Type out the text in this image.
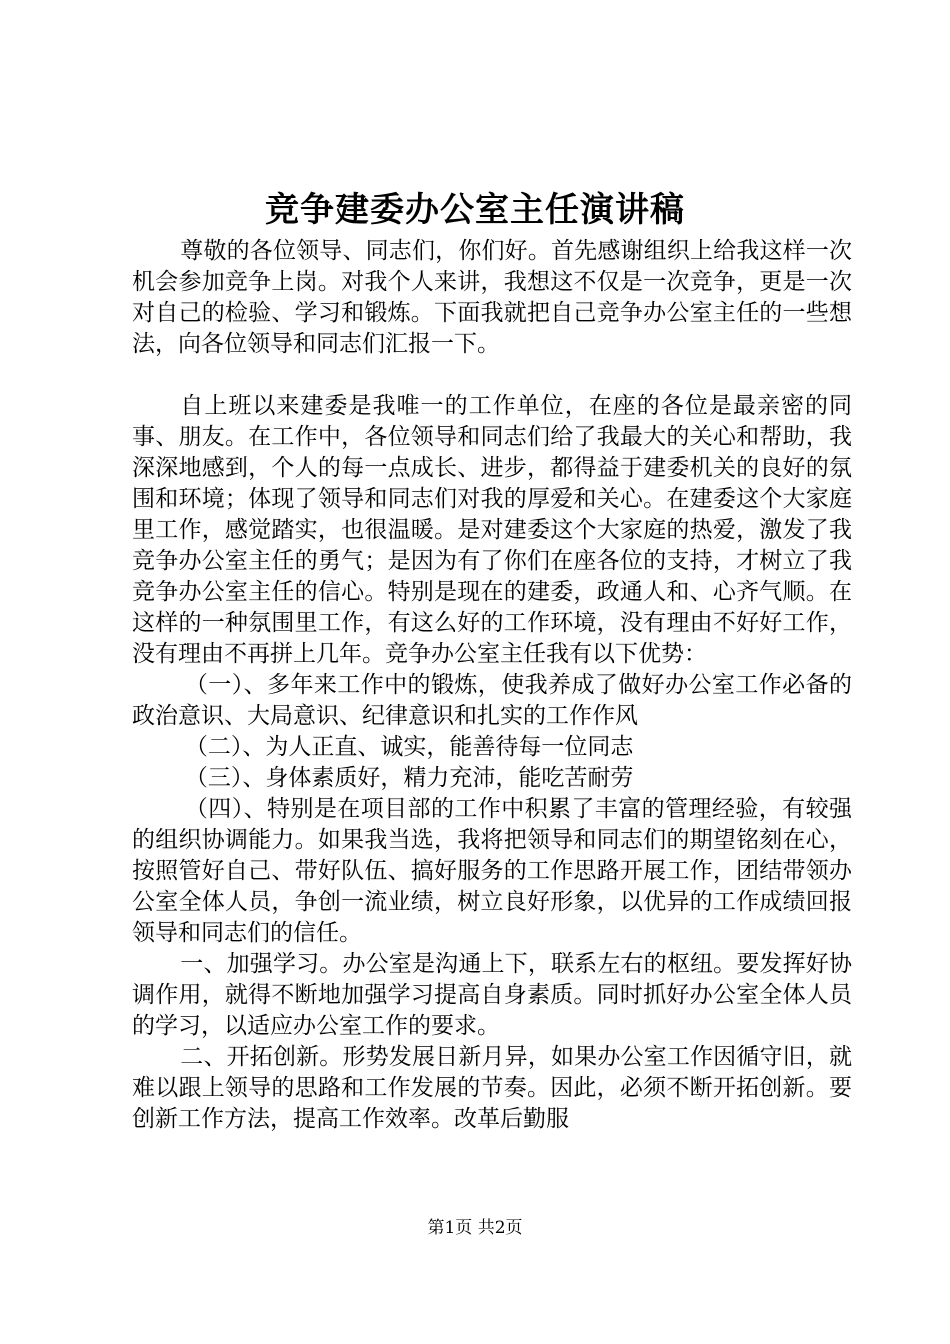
竞争建委办公室主任演讲稿

尊敬的各位领导、同志们，你们好。首先感谢组织上给我这样一次机会参加竞争上岗。对我个人来讲，我想这不仅是一次竞争，更是一次对自己的检验、学习和锻炼。下面我就把自己竞争办公室主任的一些想法，向各位领导和同志们汇报一下。

自上班以来建委是我唯一的工作单位，在座的各位是最亲密的同事、朋友。在工作中，各位领导和同志们给了我最大的关心和帮助，我深深地感到，个人的每一点成长、进步，都得益于建委机关的良好的氛围和环境；体现了领导和同志们对我的厚爱和关心。在建委这个大家庭里工作，感觉踏实，也很温暖。是对建委这个大家庭的热爱，激发了我竞争办公室主任的勇气；是因为有了你们在座各位的支持，才树立了我竞争办公室主任的信心。特别是现在的建委，政通人和、心齐气顺。在这样的一种氛围里工作，有这么好的工作环境，没有理由不好好工作，没有理由不再拼上几年。竞争办公室主任我有以下优势：

（一）、多年来工作中的锻炼，使我养成了做好办公室工作必备的政治意识、大局意识、纪律意识和扎实的工作作风

（二）、为人正直、诚实，能善待每一位同志

（三）、身体素质好，精力充沛，能吃苦耐劳

（四）、特别是在项目部的工作中积累了丰富的管理经验，有较强的组织协调能力。如果我当选，我将把领导和同志们的期望铭刻在心，按照管好自己、带好队伍、搞好服务的工作思路开展工作，团结带领办公室全体人员，争创一流业绩，树立良好形象，以优异的工作成绩回报领导和同志们的信任。

一、加强学习。办公室是沟通上下，联系左右的枢纽。要发挥好协调作用，就得不断地加强学习提高自身素质。同时抓好办公室全体人员的学习，以适应办公室工作的要求。

二、开拓创新。形势发展日新月异，如果办公室工作因循守旧，就难以跟上领导的思路和工作发展的节奏。因此，必须不断开拓创新。要创新工作方法，提高工作效率。改革后勤服

第1页 共2页
